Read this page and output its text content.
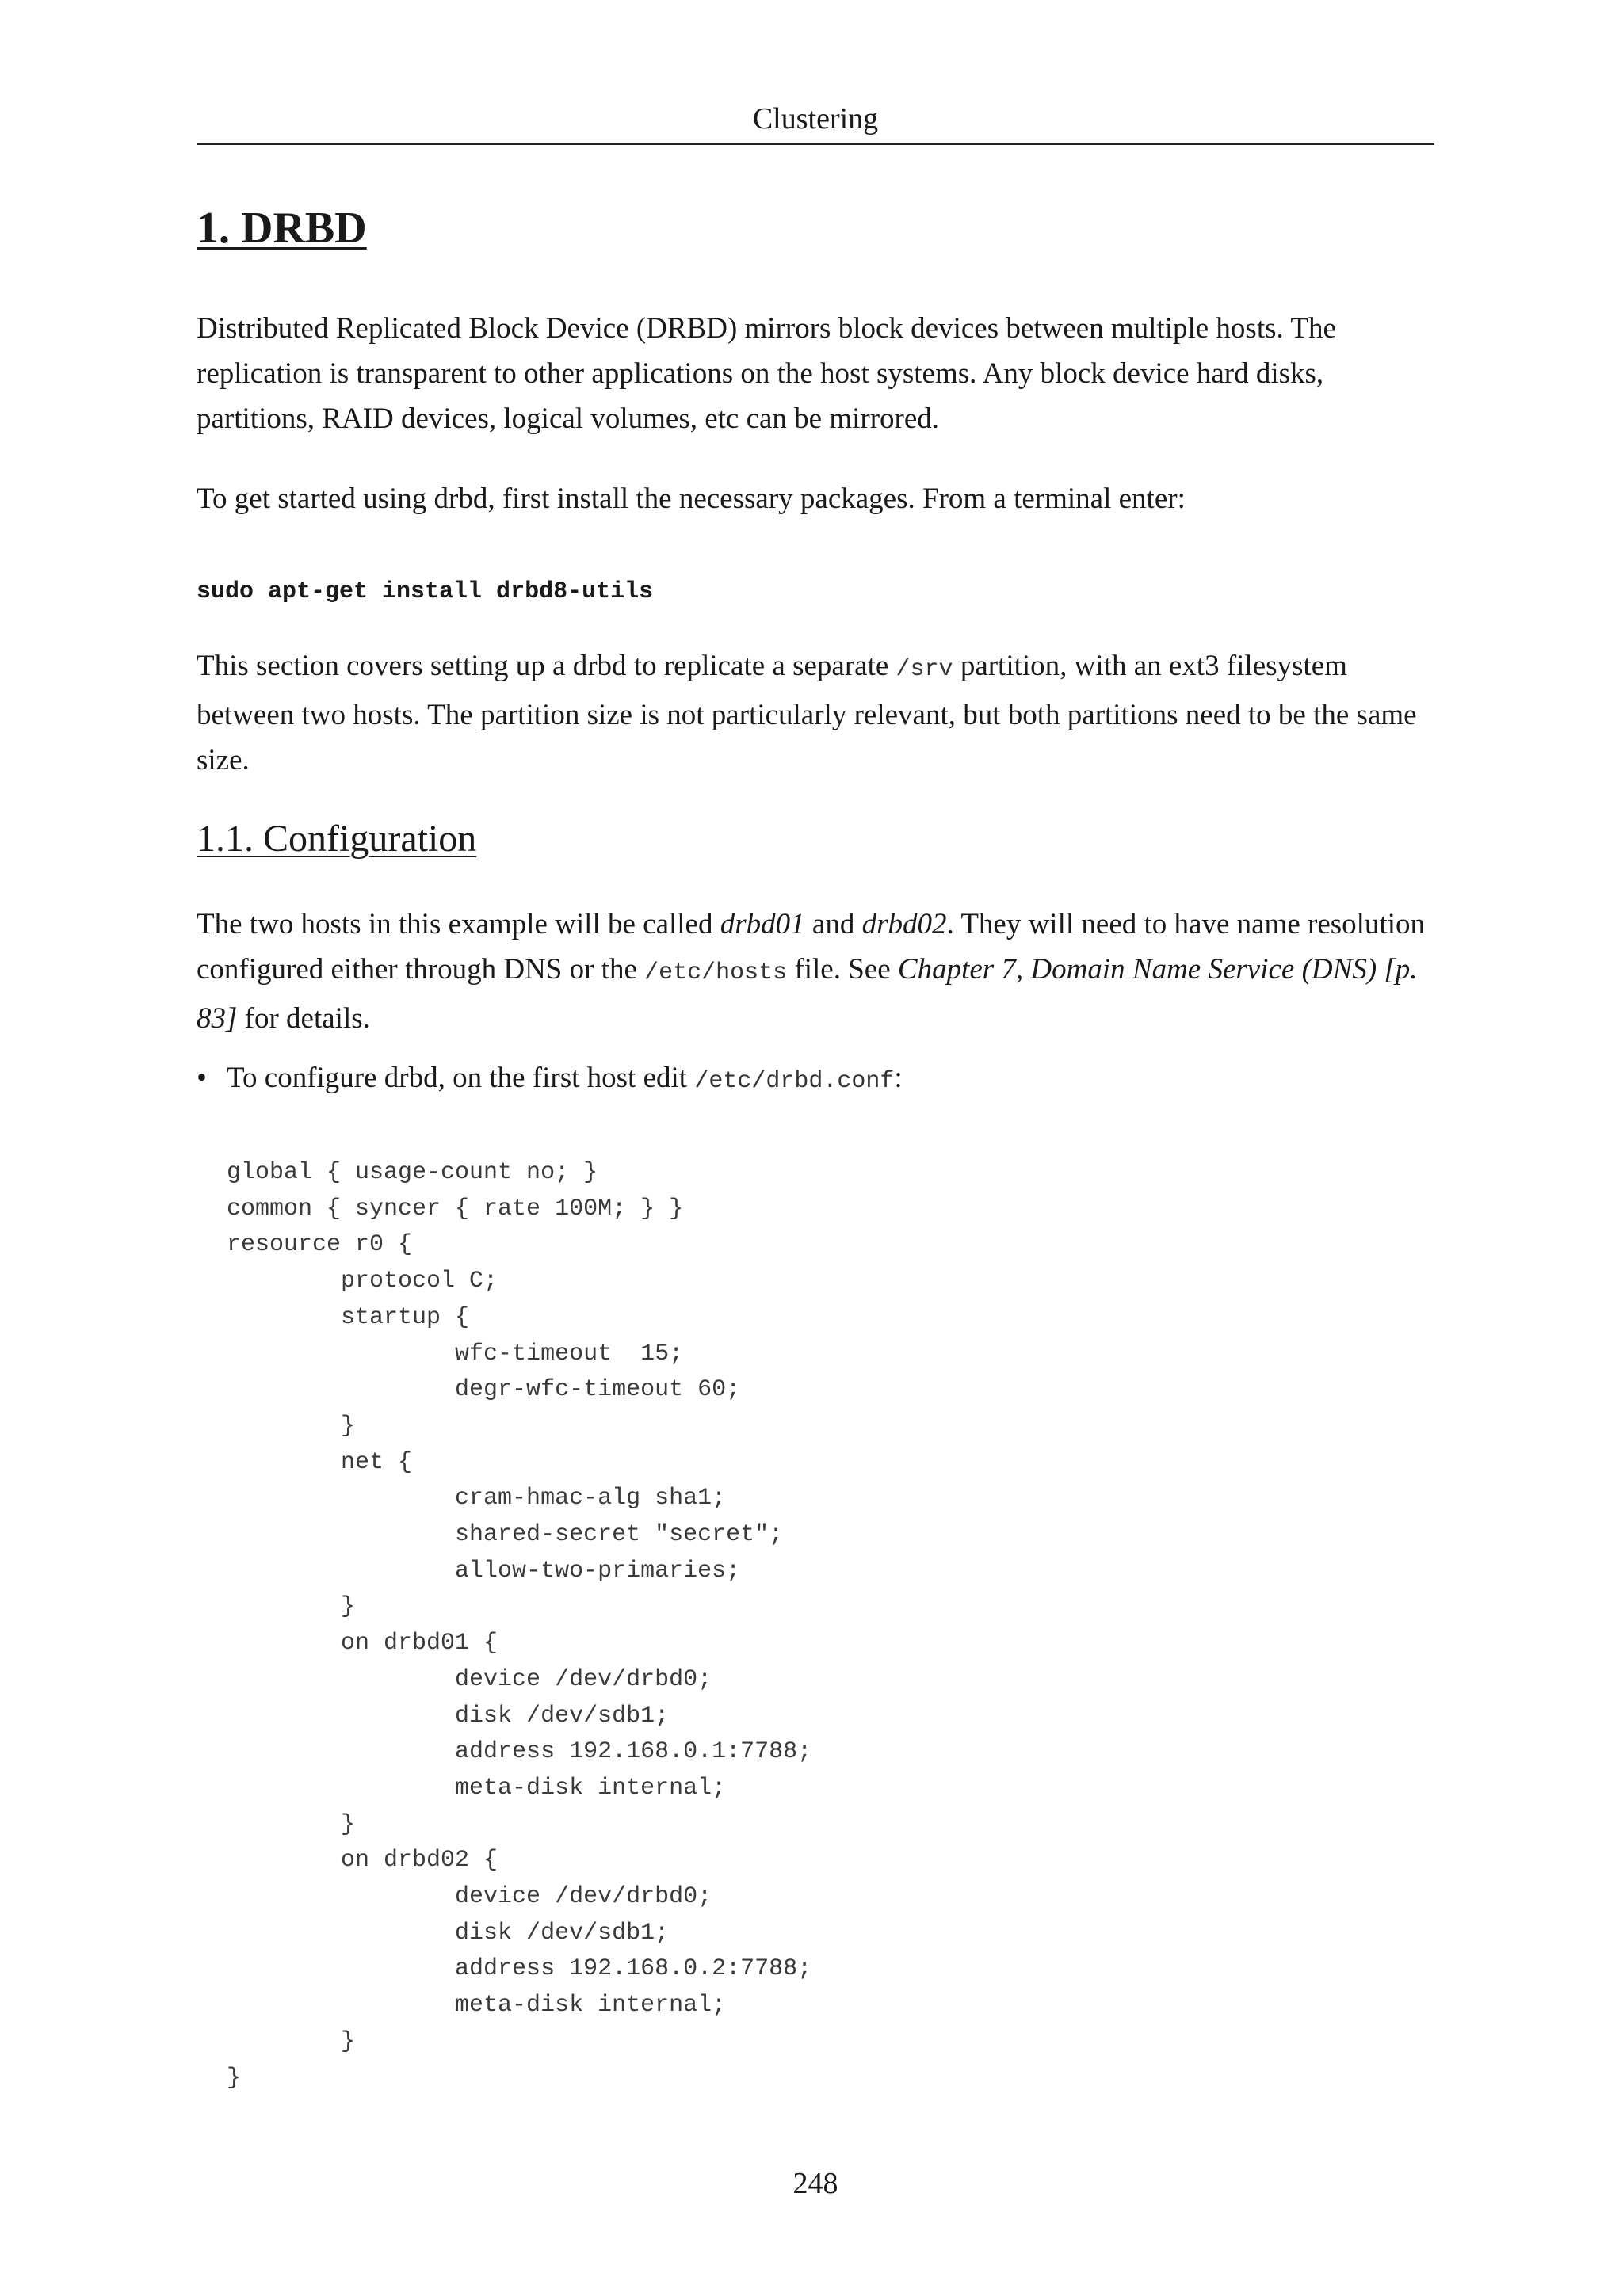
Clustering
1. DRBD

Distributed Replicated Block Device (DRBD) mirrors block devices between multiple hosts. The replication is transparent to other applications on the host systems. Any block device hard disks, partitions, RAID devices, logical volumes, etc can be mirrored.

To get started using drbd, first install the necessary packages. From a terminal enter:

sudo apt-get install drbd8-utils

This section covers setting up a drbd to replicate a separate /srv partition, with an ext3 filesystem between two hosts. The partition size is not particularly relevant, but both partitions need to be the same size.

1.1. Configuration

The two hosts in this example will be called drbd01 and drbd02. They will need to have name resolution configured either through DNS or the /etc/hosts file. See Chapter 7, Domain Name Service (DNS) [p. 83] for details.

• To configure drbd, on the first host edit /etc/drbd.conf:
global { usage-count no; }
common { syncer { rate 100M; } }
resource r0 {
protocol C;
startup {
wfc-timeout  15;
degr-wfc-timeout 60;
}
net {
cram-hmac-alg sha1;
shared-secret "secret";
allow-two-primaries;
}
on drbd01 {
device /dev/drbd0;
disk /dev/sdb1;
address 192.168.0.1:7788;
meta-disk internal;
}
on drbd02 {
device /dev/drbd0;
disk /dev/sdb1;
address 192.168.0.2:7788;
meta-disk internal;
}
}
248
